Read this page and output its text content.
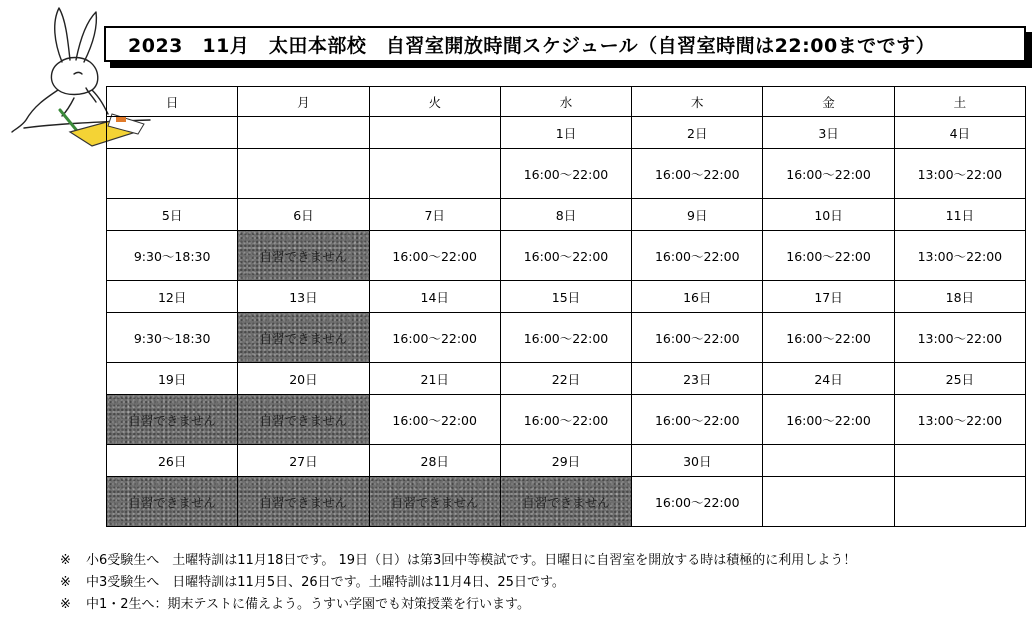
2023　11月　太田本部校　自習室開放時間スケジュール（自習室時間は22:00までです）
日	月	火	水	木	金	土
			1日	2日	3日	4日
			16:00～22:00	16:00～22:00	16:00～22:00	13:00～22:00
5日	6日	7日	8日	9日	10日	11日
9:30～18:30	自習できません	16:00～22:00	16:00～22:00	16:00～22:00	16:00～22:00	13:00～22:00
12日	13日	14日	15日	16日	17日	18日
9:30～18:30	自習できません	16:00～22:00	16:00～22:00	16:00～22:00	16:00～22:00	13:00～22:00
19日	20日	21日	22日	23日	24日	25日
自習できません	自習できません	16:00～22:00	16:00～22:00	16:00～22:00	16:00～22:00	13:00～22:00
26日	27日	28日	29日	30日		
自習できません	自習できません	自習できません	自習できません	16:00～22:00		
※	小6受験生へ　土曜特訓は11月18日です。 19日（日）は第3回中等模試です。日曜日に自習室を開放する時は積極的に利用しよう！
※	中3受験生へ　日曜特訓は11月5日、26日です。土曜特訓は11月4日、25日です。
※	中1・2生へ：期末テストに備えよう。うすい学園でも対策授業を行います。
